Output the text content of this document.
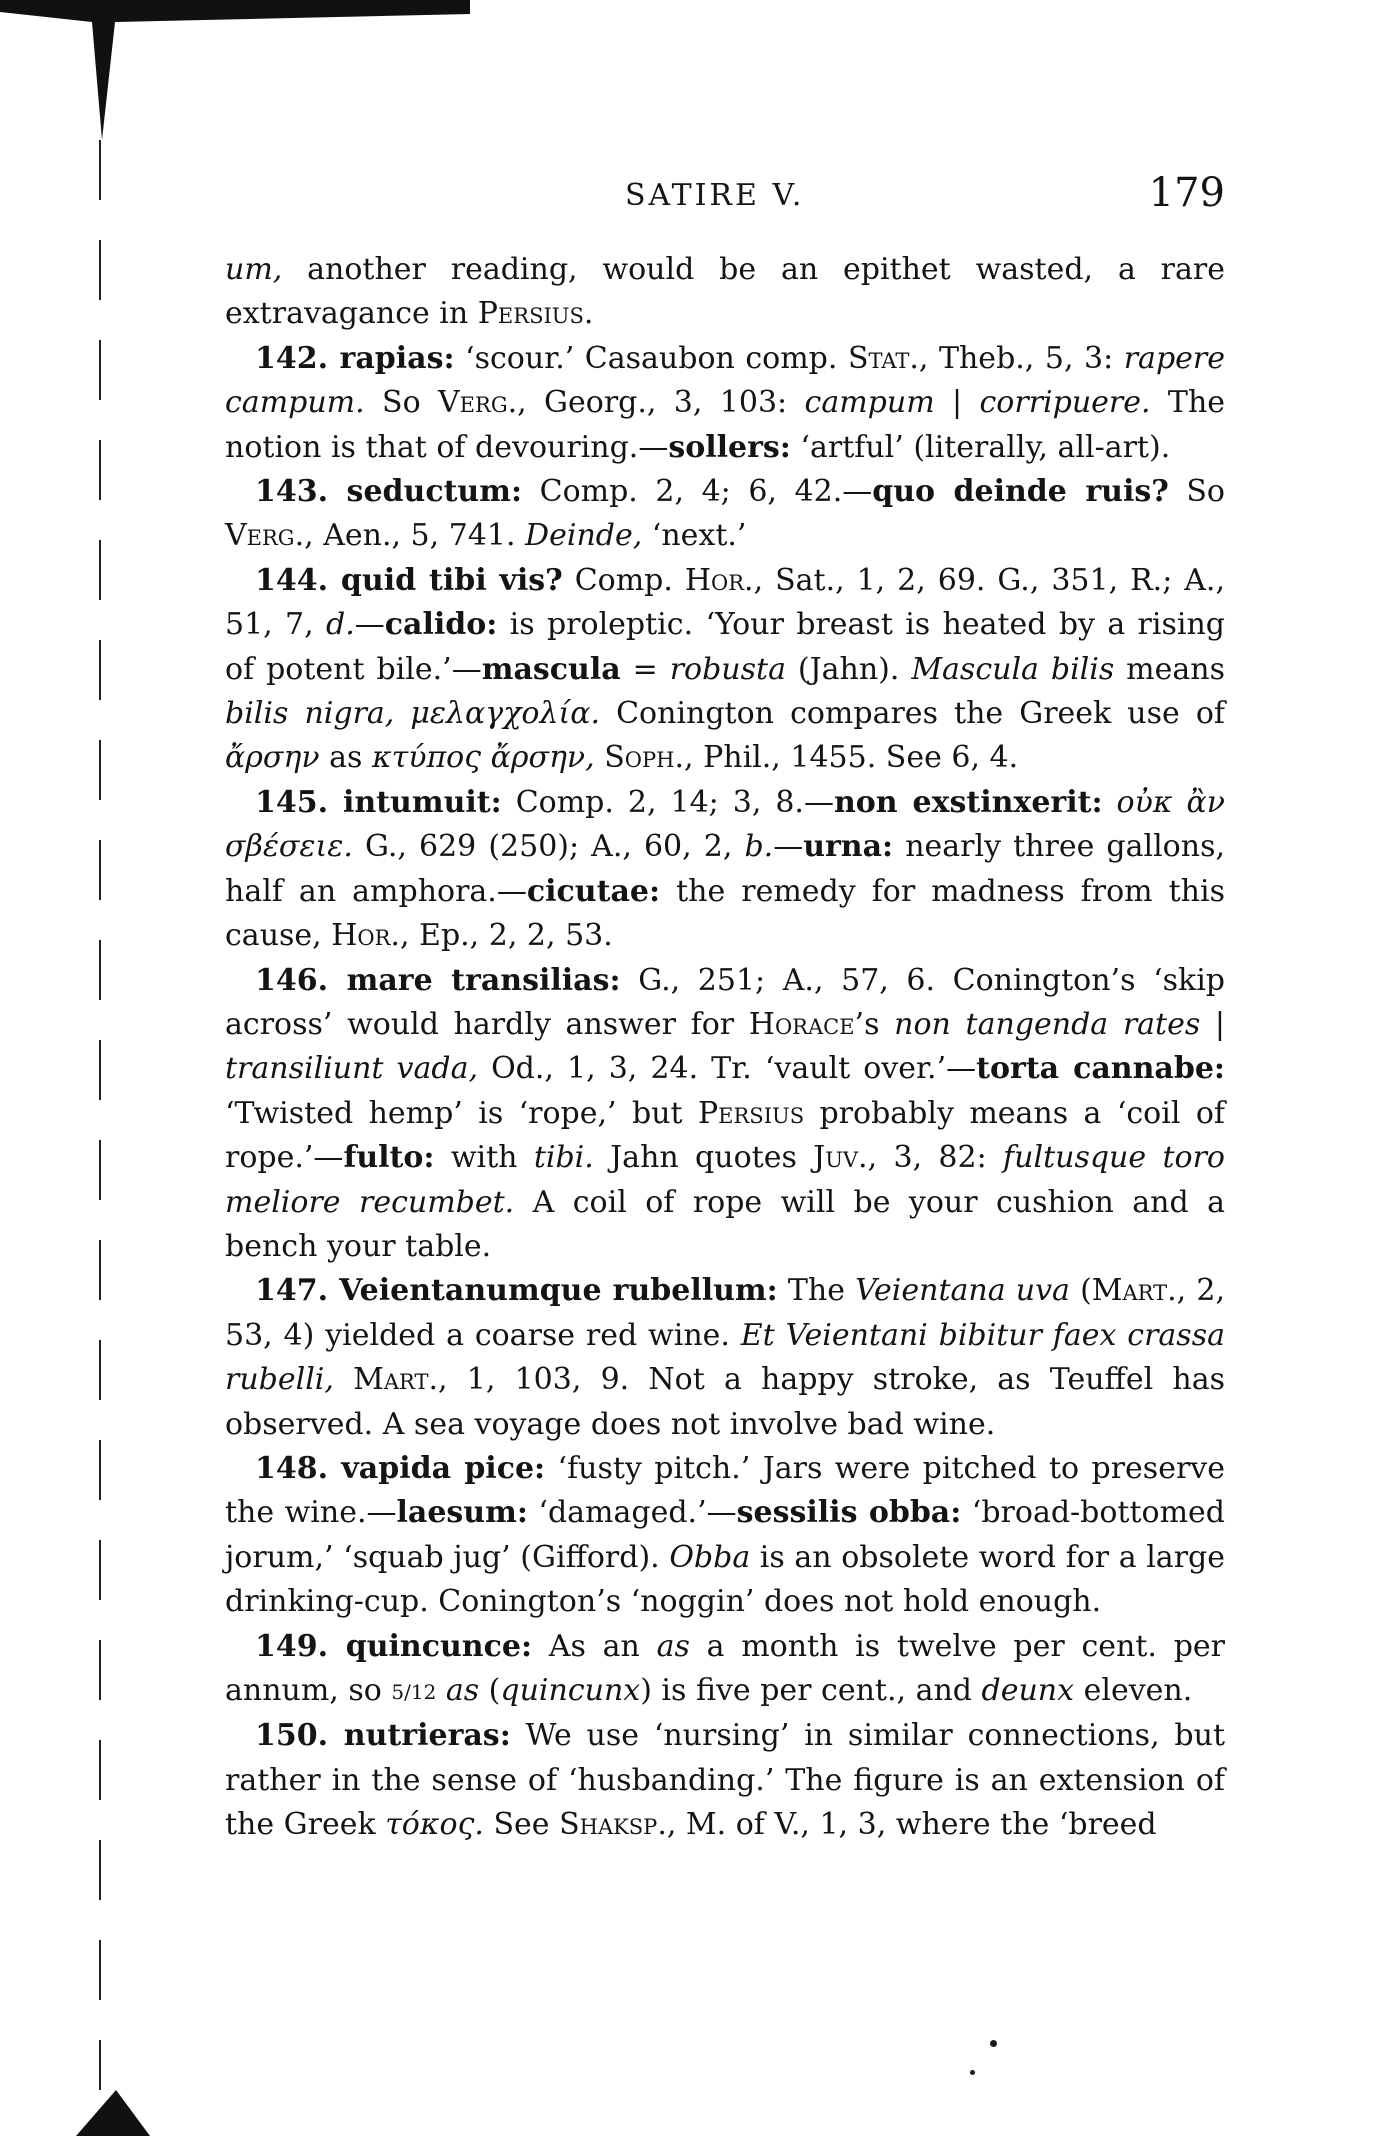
SATIRE V.	179

um, another reading, would be an epithet wasted, a rare extravagance in Persius.

142. rapias: ‘scour.’ Casaubon comp. Stat., Theb., 5, 3: rapere campum. So Verg., Georg., 3, 103: campum | corripuere. The notion is that of devouring.—sollers: ‘artful’ (literally, all-art).

143. seductum: Comp. 2, 4; 6, 42.—quo deinde ruis? So Verg., Aen., 5, 741. Deinde, ‘next.’

144. quid tibi vis? Comp. Hor., Sat., 1, 2, 69. G., 351, R.; A., 51, 7, d.—calido: is proleptic. ‘Your breast is heated by a rising of potent bile.’—mascula = robusta (Jahn). Mascula bilis means bilis nigra, μελαγχολία. Conington compares the Greek use of ἄρσην as κτύπος ἄρσην, Soph., Phil., 1455. See 6, 4.

145. intumuit: Comp. 2, 14; 3, 8.—non exstinxerit: οὐκ ἂν σβέσειε. G., 629 (250); A., 60, 2, b.—urna: nearly three gallons, half an amphora.—cicutae: the remedy for madness from this cause, Hor., Ep., 2, 2, 53.

146. mare transilias: G., 251; A., 57, 6. Conington’s ‘skip across’ would hardly answer for Horace’s non tangenda rates | transiliunt vada, Od., 1, 3, 24. Tr. ‘vault over.’—torta cannabe: ‘Twisted hemp’ is ‘rope,’ but Persius probably means a ‘coil of rope.’—fulto: with tibi. Jahn quotes Juv., 3, 82: fultusque toro meliore recumbet. A coil of rope will be your cushion and a bench your table.

147. Veientanumque rubellum: The Veientana uva (Mart., 2, 53, 4) yielded a coarse red wine. Et Veientani bibitur faex crassa rubelli, Mart., 1, 103, 9. Not a happy stroke, as Teuffel has observed. A sea voyage does not involve bad wine.

148. vapida pice: ‘fusty pitch.’ Jars were pitched to preserve the wine.—laesum: ‘damaged.’—sessilis obba: ‘broad-bottomed jorum,’ ‘squab jug’ (Gifford). Obba is an obsolete word for a large drinking-cup. Conington’s ‘noggin’ does not hold enough.

149. quincunce: As an as a month is twelve per cent. per annum, so 5/12 as (quincunx) is five per cent., and deunx eleven.

150. nutrieras: We use ‘nursing’ in similar connections, but rather in the sense of ‘husbanding.’ The figure is an extension of the Greek τόκος. See Shaksp., M. of V., 1, 3, where the ‘breed
